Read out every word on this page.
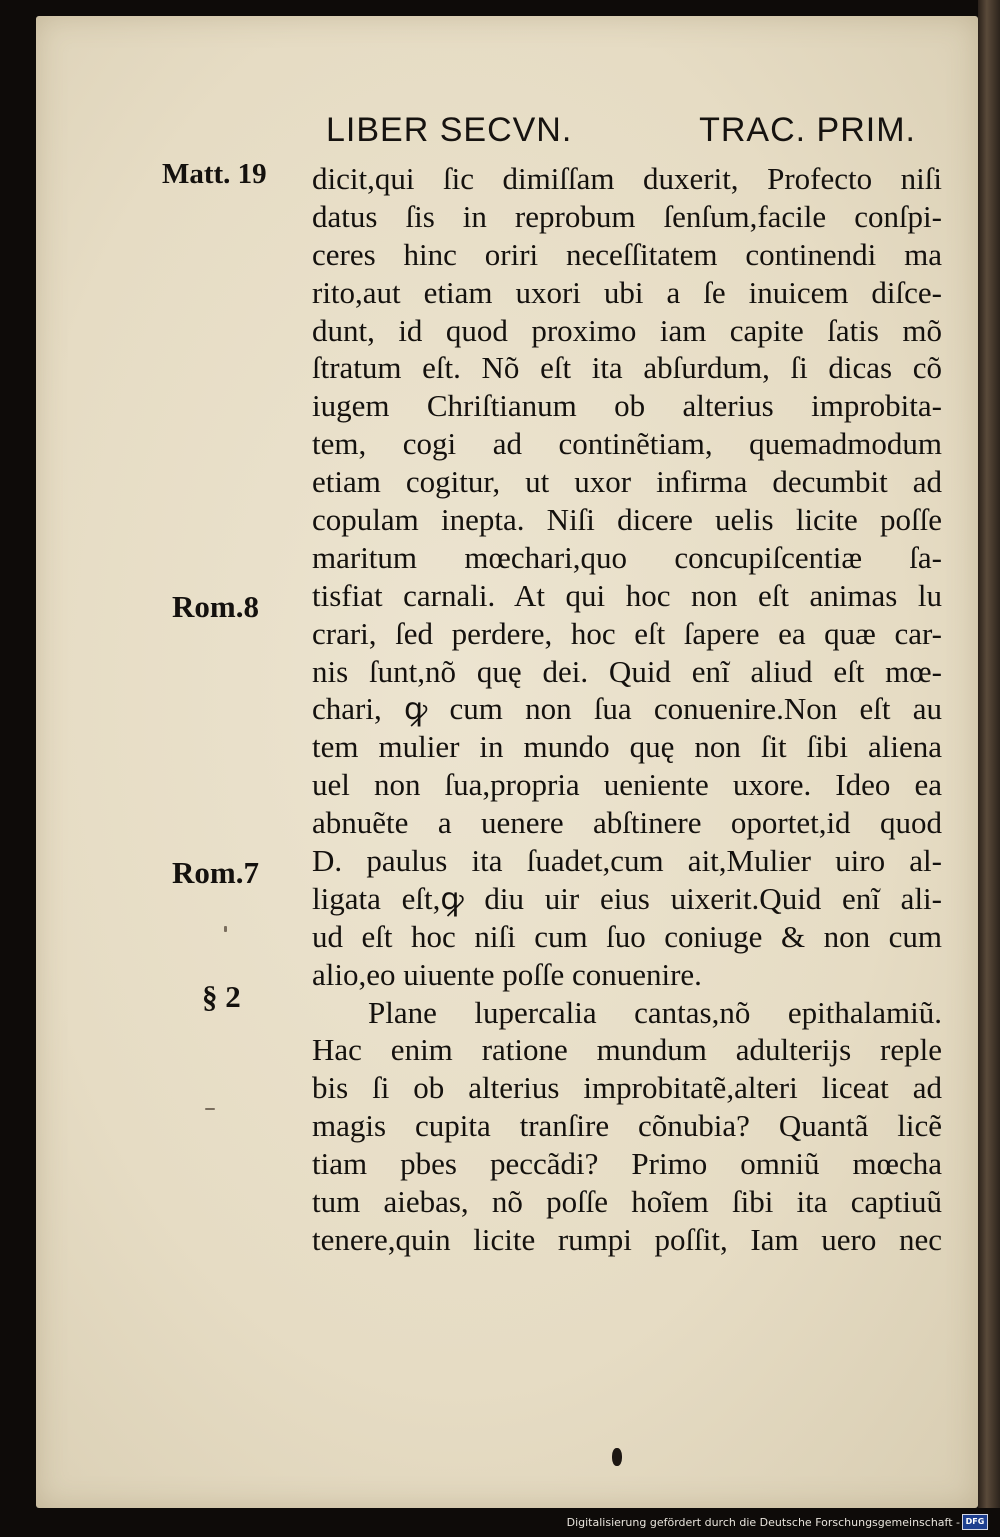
LIBER SECVN.	TRAC. PRIM.
Matt. 19
Rom.8
Rom.7
§ 2
dicit,qui ſic dimiſſam duxerit, Profecto niſi
datus ſis in reprobum ſenſum,facile conſpi-
ceres hinc oriri neceſſitatem continendi ma
rito,aut etiam uxori ubi a ſe inuicem diſce-
dunt, id quod proximo iam capite ſatis mõ
ſtratum eſt. Nõ eſt ita abſurdum, ſi dicas cõ
iugem Chriſtianum ob alterius improbita-
tem, cogi ad continẽtiam, quemadmodum
etiam cogitur, ut uxor infirma decumbit ad
copulam inepta. Niſi dicere uelis licite poſſe
maritum mœchari,quo concupiſcentiæ ſa-
tisfiat carnali. At qui hoc non eſt animas lu
crari, ſed perdere, hoc eſt ſapere ea quæ car-
nis ſunt,nõ quę dei. Quid enĩ aliud eſt mœ-
chari, ꝙ cum non ſua conuenire.Non eſt au
tem mulier in mundo quę non ſit ſibi aliena
uel non ſua,propria ueniente uxore. Ideo ea
abnuẽte a uenere abſtinere oportet,id quod
D. paulus ita ſuadet,cum ait,Mulier uiro al-
ligata eſt,ꝙ diu uir eius uixerit.Quid enĩ ali-
ud eſt hoc niſi cum ſuo coniuge & non cum
alio,eo uiuente poſſe conuenire.
Plane lupercalia cantas,nõ epithalamiũ.
Hac enim ratione mundum adulterijs reple
bis ſi ob alterius improbitatẽ,alteri liceat ad
magis cupita tranſire cõnubia? Quantã licẽ
tiam pbes peccãdi? Primo omniũ mœcha
tum aiebas, nõ poſſe hoĩem ſibi ita captiuũ
tenere,quin licite rumpi poſſit, Iam uero nec
Digitalisierung gefördert durch die Deutsche Forschungsgemeinschaft - DFG
